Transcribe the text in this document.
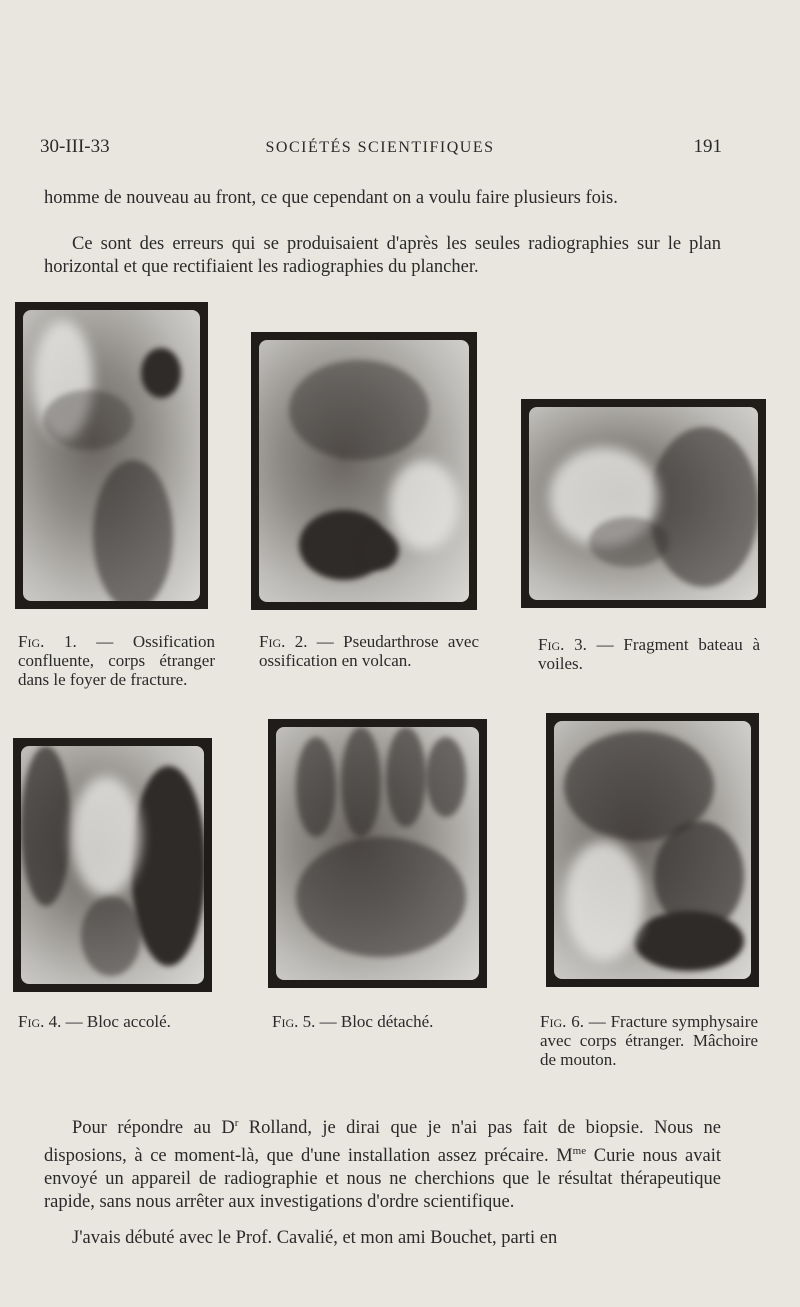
30-III-33	SOCIÉTÉS SCIENTIFIQUES	191

homme de nouveau au front, ce que cependant on a voulu faire plusieurs fois.

Ce sont des erreurs qui se produisaient d'après les seules radiographies sur le plan horizontal et que rectifiaient les radiographies du plancher.

Fig. 1. — Ossification confluente, corps étranger dans le foyer de fracture.
Fig. 2. — Pseudarthrose avec ossification en volcan.
Fig. 3. — Fragment bateau à voiles.
Fig. 4. — Bloc accolé.	Fig. 5. — Bloc détaché.	Fig. 6. — Fracture symphysaire avec corps étranger. Mâchoire de mouton.

Pour répondre au $D^r$ Rolland, je dirai que je n'ai pas fait de biopsie. Nous ne disposions, à ce moment-là, que d'une installation assez précaire. $M^{me}$ Curie nous avait envoyé un appareil de radiographie et nous ne cherchions que le résultat thérapeutique rapide, sans nous arrêter aux investigations d'ordre scientifique.

J'avais débuté avec le Prof. Cavalié, et mon ami Bouchet, parti en
